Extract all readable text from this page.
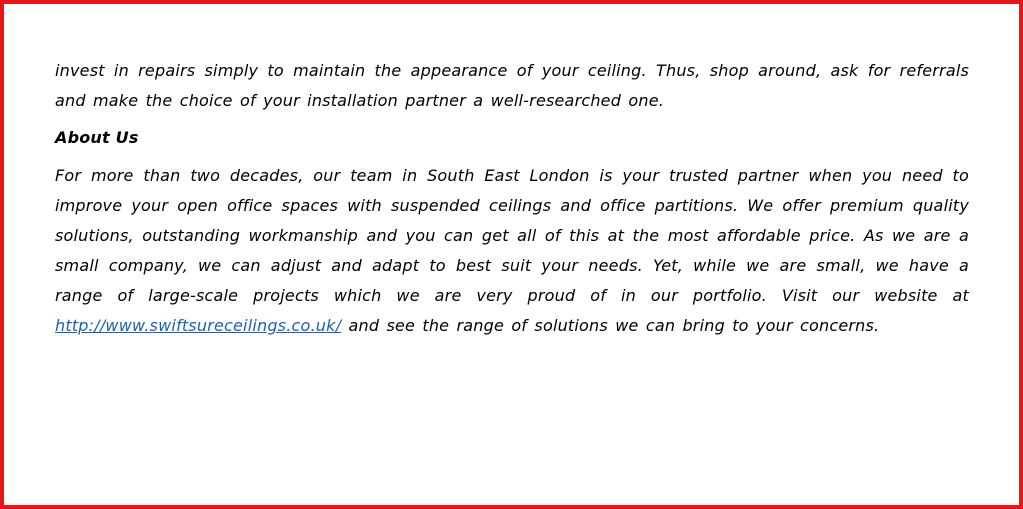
invest in repairs simply to maintain the appearance of your ceiling. Thus, shop around, ask for referrals and make the choice of your installation partner a well-researched one.

About Us

For more than two decades, our team in South East London is your trusted partner when you need to improve your open office spaces with suspended ceilings and office partitions. We offer premium quality solutions, outstanding workmanship and you can get all of this at the most affordable price. As we are a small company, we can adjust and adapt to best suit your needs. Yet, while we are small, we have a range of large-scale projects which we are very proud of in our portfolio. Visit our website at http://www.swiftsureceilings.co.uk/ and see the range of solutions we can bring to your concerns.
